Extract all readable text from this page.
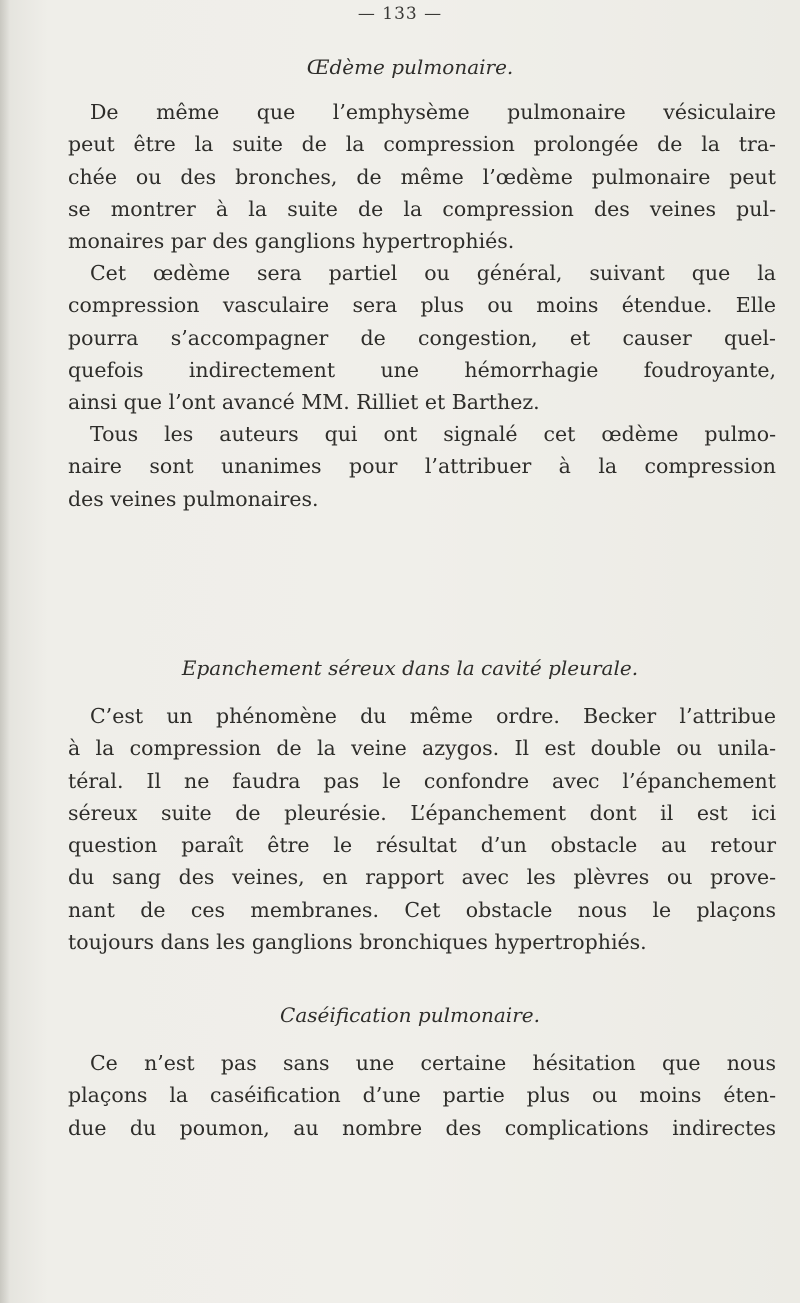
— 133 —
Œdème pulmonaire.
De même que l’emphysème pulmonaire vésiculaire
peut être la suite de la compression prolongée de la tra-
chée ou des bronches, de même l’œdème pulmonaire peut
se montrer à la suite de la compression des veines pul-
monaires par des ganglions hypertrophiés.
Cet œdème sera partiel ou général, suivant que la
compression vasculaire sera plus ou moins étendue. Elle
pourra s’accompagner de congestion, et causer quel-
quefois indirectement une hémorrhagie foudroyante,
ainsi que l’ont avancé MM. Rilliet et Barthez.
Tous les auteurs qui ont signalé cet œdème pulmo-
naire sont unanimes pour l’attribuer à la compression
des veines pulmonaires.
Epanchement séreux dans la cavité pleurale.
C’est un phénomène du même ordre. Becker l’attribue
à la compression de la veine azygos. Il est double ou unila-
téral. Il ne faudra pas le confondre avec l’épanchement
séreux suite de pleurésie. L’épanchement dont il est ici
question paraît être le résultat d’un obstacle au retour
du sang des veines, en rapport avec les plèvres ou prove-
nant de ces membranes. Cet obstacle nous le plaçons
toujours dans les ganglions bronchiques hypertrophiés.
Caséification pulmonaire.
Ce n’est pas sans une certaine hésitation que nous
plaçons la caséification d’une partie plus ou moins éten-
due du poumon, au nombre des complications indirectes
